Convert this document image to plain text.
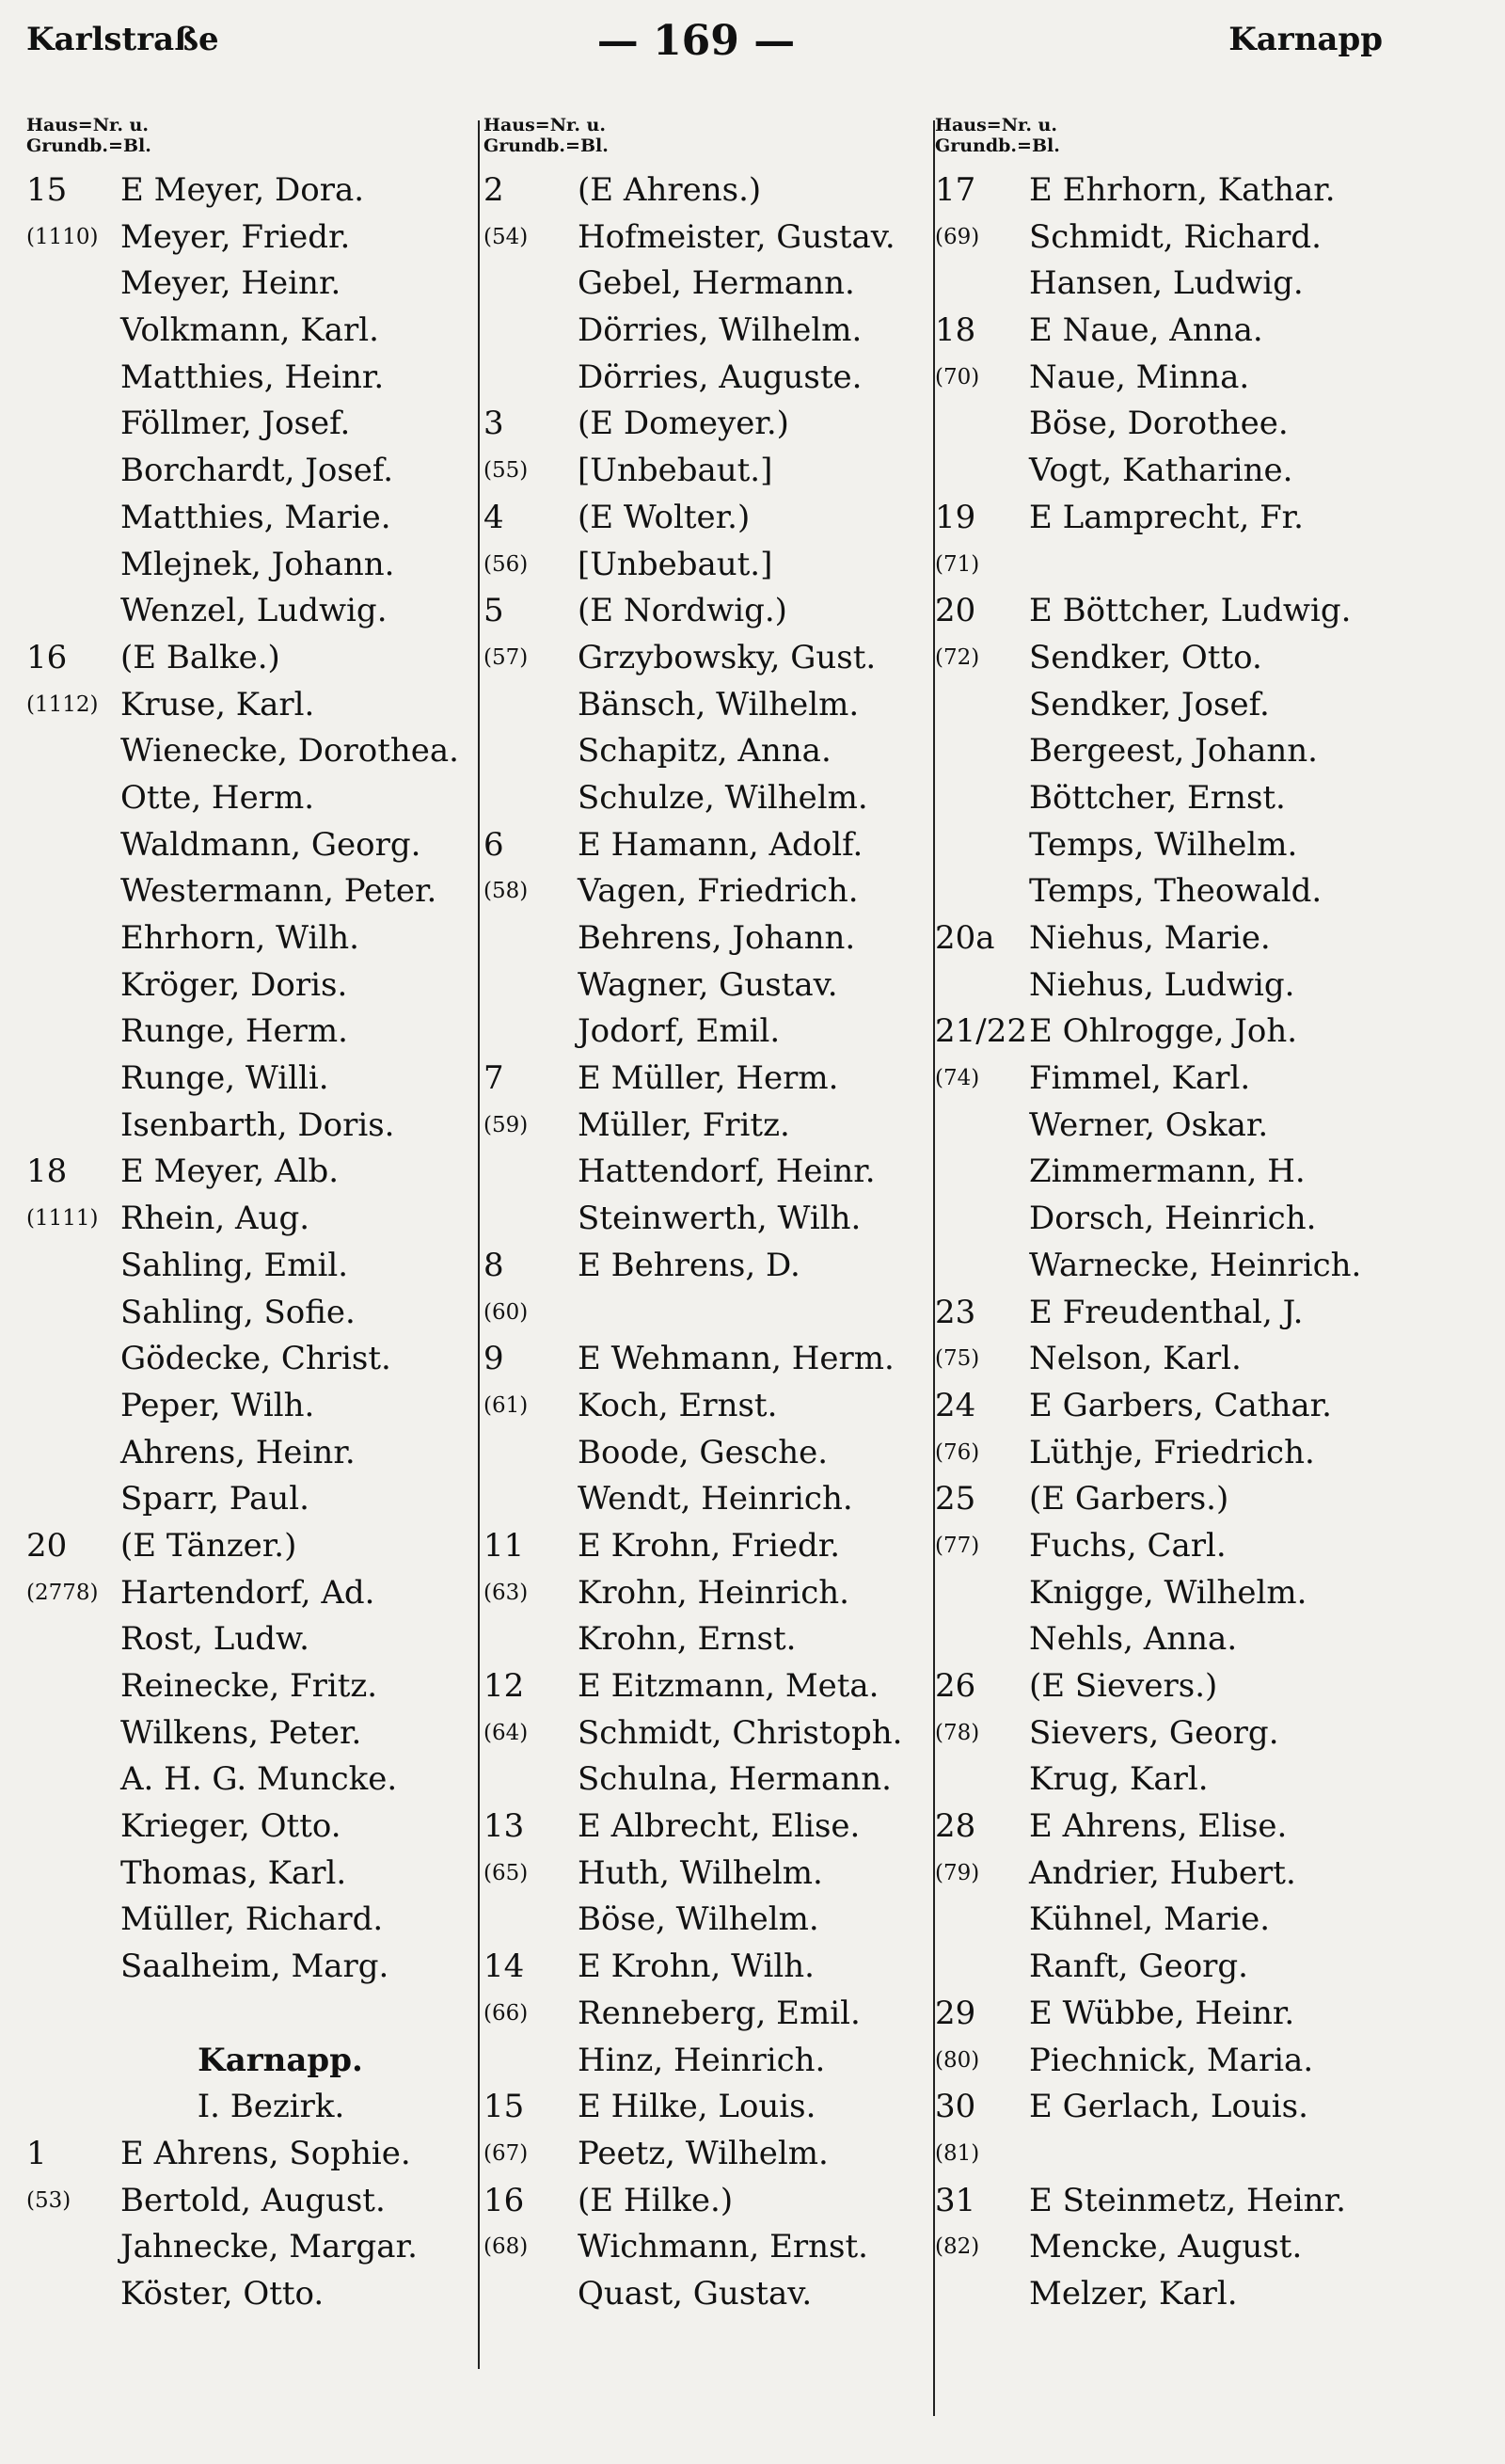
Karlstraße	— 169 —	Karnapp
Haus=Nr. u.
Grundb.=Bl.
15	E Meyer, Dora.
(1110) Meyer, Friedr.
Meyer, Heinr.
Volkmann, Karl.
Matthies, Heinr.
Föllmer, Josef.
Borchardt, Josef.
Matthies, Marie.
Mlejnek, Johann.
Wenzel, Ludwig.
16	(E Balke.)
(1112) Kruse, Karl.
Wienecke, Dorothea.
Otte, Herm.
Waldmann, Georg.
Westermann, Peter.
Ehrhorn, Wilh.
Kröger, Doris.
Runge, Herm.
Runge, Willi.
Isenbarth, Doris.
18	E Meyer, Alb.
(1111) Rhein, Aug.
Sahling, Emil.
Sahling, Sofie.
Gödecke, Christ.
Peper, Wilh.
Ahrens, Heinr.
Sparr, Paul.
20	(E Tänzer.)
(2778) Hartendorf, Ad.
Rost, Ludw.
Reinecke, Fritz.
Wilkens, Peter.
A. H. G. Muncke.
Krieger, Otto.
Thomas, Karl.
Müller, Richard.
Saalheim, Marg.
Karnapp.
I. Bezirk.
1	E Ahrens, Sophie.
(53)	Bertold, August.
Jahnecke, Margar.
Köster, Otto.
Haus=Nr. u.
Grundb.=Bl.
2	(E Ahrens.)
(54)	Hofmeister, Gustav.
Gebel, Hermann.
Dörries, Wilhelm.
Dörries, Auguste.
3	(E Domeyer.)
(55)	[Unbebaut.]
4	(E Wolter.)
(56)	[Unbebaut.]
5	(E Nordwig.)
(57)	Grzybowsky, Gust.
Bänsch, Wilhelm.
Schapitz, Anna.
Schulze, Wilhelm.
6	E Hamann, Adolf.
(58)	Vagen, Friedrich.
Behrens, Johann.
Wagner, Gustav.
Jodorf, Emil.
7	E Müller, Herm.
(59)	Müller, Fritz.
Hattendorf, Heinr.
Steinwerth, Wilh.
8	E Behrens, D.
(60)
9	E Wehmann, Herm.
(61)	Koch, Ernst.
Boode, Gesche.
Wendt, Heinrich.
11	E Krohn, Friedr.
(63)	Krohn, Heinrich.
Krohn, Ernst.
12	E Eitzmann, Meta.
(64)	Schmidt, Christoph.
Schulna, Hermann.
13	E Albrecht, Elise.
(65)	Huth, Wilhelm.
Böse, Wilhelm.
14	E Krohn, Wilh.
(66)	Renneberg, Emil.
Hinz, Heinrich.
15	E Hilke, Louis.
(67)	Peetz, Wilhelm.
16	(E Hilke.)
(68)	Wichmann, Ernst.
Quast, Gustav.
Haus=Nr. u.
Grundb.=Bl.
17	E Ehrhorn, Kathar.
(69)	Schmidt, Richard.
Hansen, Ludwig.
18	E Naue, Anna.
(70)	Naue, Minna.
Böse, Dorothee.
Vogt, Katharine.
19	E Lamprecht, Fr.
(71)
20	E Böttcher, Ludwig.
(72)	Sendker, Otto.
Sendker, Josef.
Bergeest, Johann.
Böttcher, Ernst.
Temps, Wilhelm.
Temps, Theowald.
20a	Niehus, Marie.
Niehus, Ludwig.
21/22 E Ohlrogge, Joh.
(74)	Fimmel, Karl.
Werner, Oskar.
Zimmermann, H.
Dorsch, Heinrich.
Warnecke, Heinrich.
23	E Freudenthal, J.
(75)	Nelson, Karl.
24	E Garbers, Cathar.
(76)	Lüthje, Friedrich.
25	(E Garbers.)
(77)	Fuchs, Carl.
Knigge, Wilhelm.
Nehls, Anna.
26	(E Sievers.)
(78)	Sievers, Georg.
Krug, Karl.
28	E Ahrens, Elise.
(79)	Andrier, Hubert.
Kühnel, Marie.
Ranft, Georg.
29	E Wübbe, Heinr.
(80)	Piechnick, Maria.
30	E Gerlach, Louis.
(81)
31	E Steinmetz, Heinr.
(82)	Mencke, August.
Melzer, Karl.
